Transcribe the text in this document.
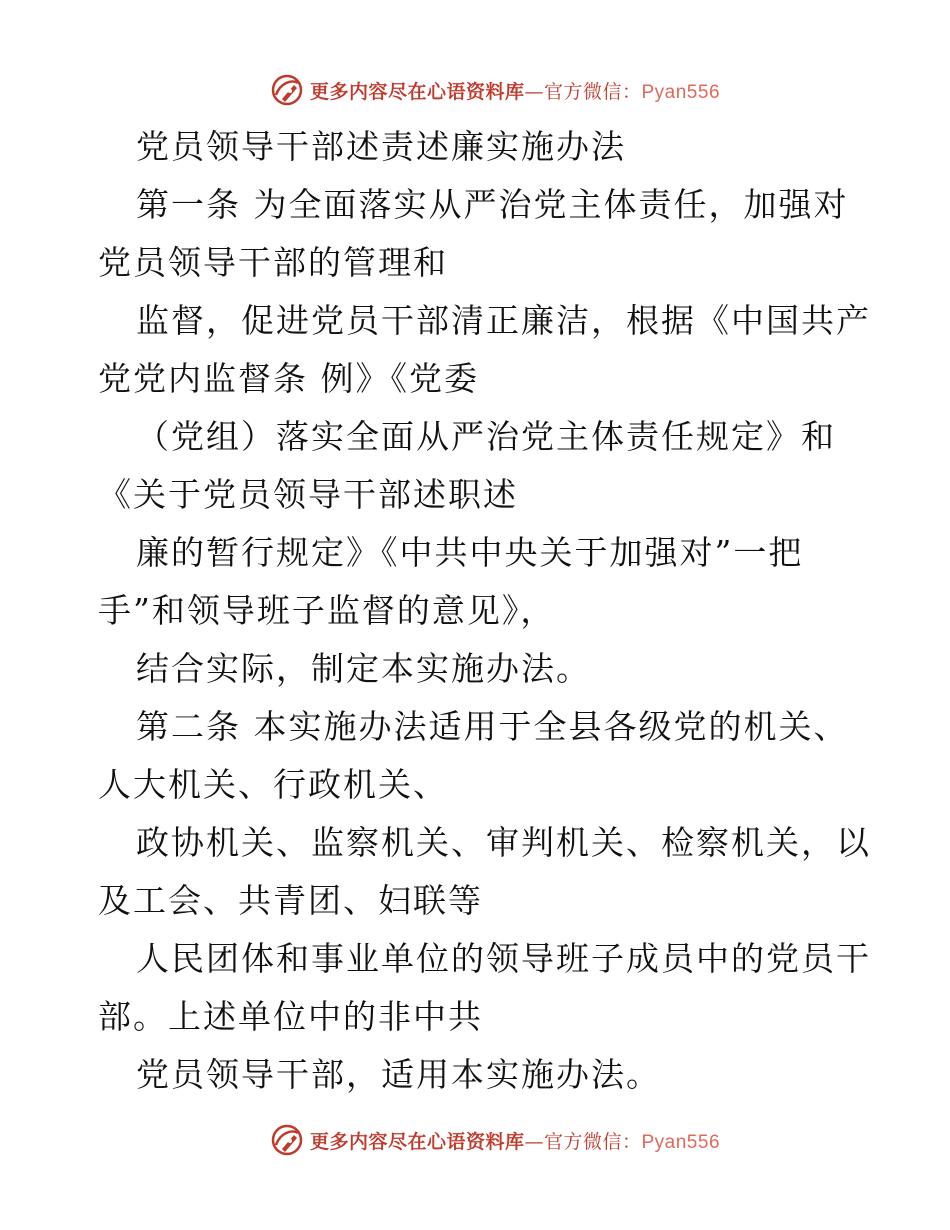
更多内容尽在心语资料库—官方微信：Pyan556
党员领导干部述责述廉实施办法
第一条 为全面落实从严治党主体责任，加强对
党员领导干部的管理和
监督，促进党员干部清正廉洁，根据《中国共产
党党内监督条 例》《党委
（党组）落实全面从严治党主体责任规定》和
《关于党员领导干部述职述
廉的暂行规定》《中共中央关于加强对”一把
手”和领导班子监督的意见》，
结合实际，制定本实施办法。
第二条 本实施办法适用于全县各级党的机关、
人大机关、行政机关、
政协机关、监察机关、审判机关、检察机关，以
及工会、共青团、妇联等
人民团体和事业单位的领导班子成员中的党员干
部。上述单位中的非中共
党员领导干部，适用本实施办法。
更多内容尽在心语资料库—官方微信：Pyan556
